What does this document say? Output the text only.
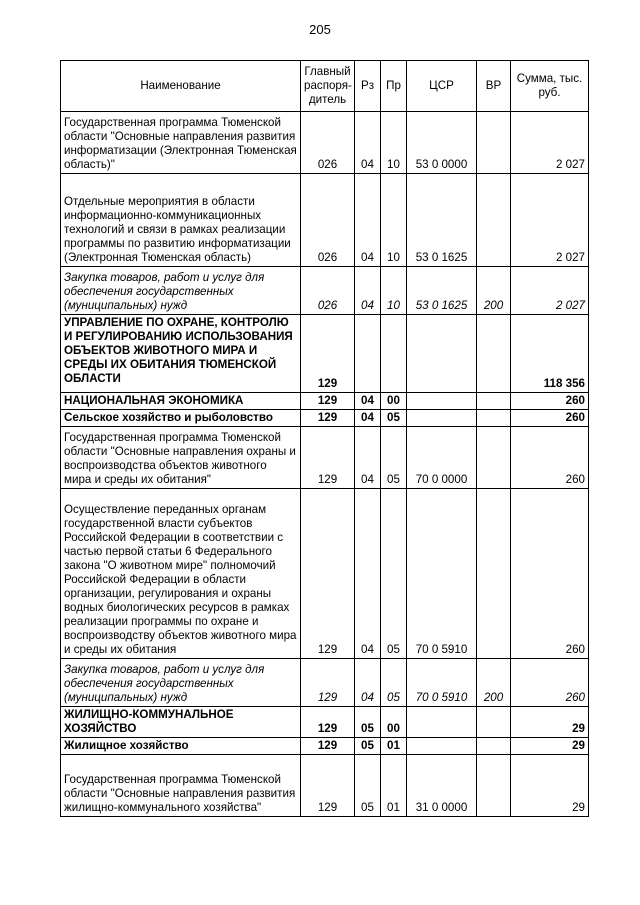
205
Наименование	Главный распоря- дитель	Рз	Пр	ЦСР	ВР	Сумма, тыс. руб.
Государственная программа Тюменской области "Основные направления развития информатизации (Электронная Тюменская область)"	026	04	10	53 0 0000		2 027
Отдельные мероприятия в области информационно-коммуникационных технологий и связи в рамках реализации программы по развитию информатизации (Электронная Тюменская область)	026	04	10	53 0 1625		2 027
Закупка товаров, работ и услуг для обеспечения государственных (муниципальных) нужд	026	04	10	53 0 1625	200	2 027
УПРАВЛЕНИЕ ПО ОХРАНЕ, КОНТРОЛЮ И РЕГУЛИРОВАНИЮ ИСПОЛЬЗОВАНИЯ ОБЪЕКТОВ ЖИВОТНОГО МИРА И СРЕДЫ ИХ ОБИТАНИЯ ТЮМЕНСКОЙ ОБЛАСТИ	129					118 356
НАЦИОНАЛЬНАЯ ЭКОНОМИКА	129	04	00			260
Сельское хозяйство и рыболовство	129	04	05			260
Государственная программа Тюменской области "Основные направления охраны и воспроизводства объектов животного мира и среды их обитания"	129	04	05	70 0 0000		260
Осуществление переданных органам государственной власти субъектов Российской Федерации в соответствии с частью первой статьи 6 Федерального закона "О животном мире" полномочий Российской Федерации в области организации, регулирования и охраны водных биологических ресурсов в рамках реализации программы по охране и воспроизводству объектов животного мира и среды их обитания	129	04	05	70 0 5910		260
Закупка товаров, работ и услуг для обеспечения государственных (муниципальных) нужд	129	04	05	70 0 5910	200	260
ЖИЛИЩНО-КОММУНАЛЬНОЕ ХОЗЯЙСТВО	129	05	00			29
Жилищное хозяйство	129	05	01			29
Государственная программа Тюменской области "Основные направления развития жилищно-коммунального хозяйства"	129	05	01	31 0 0000		29
